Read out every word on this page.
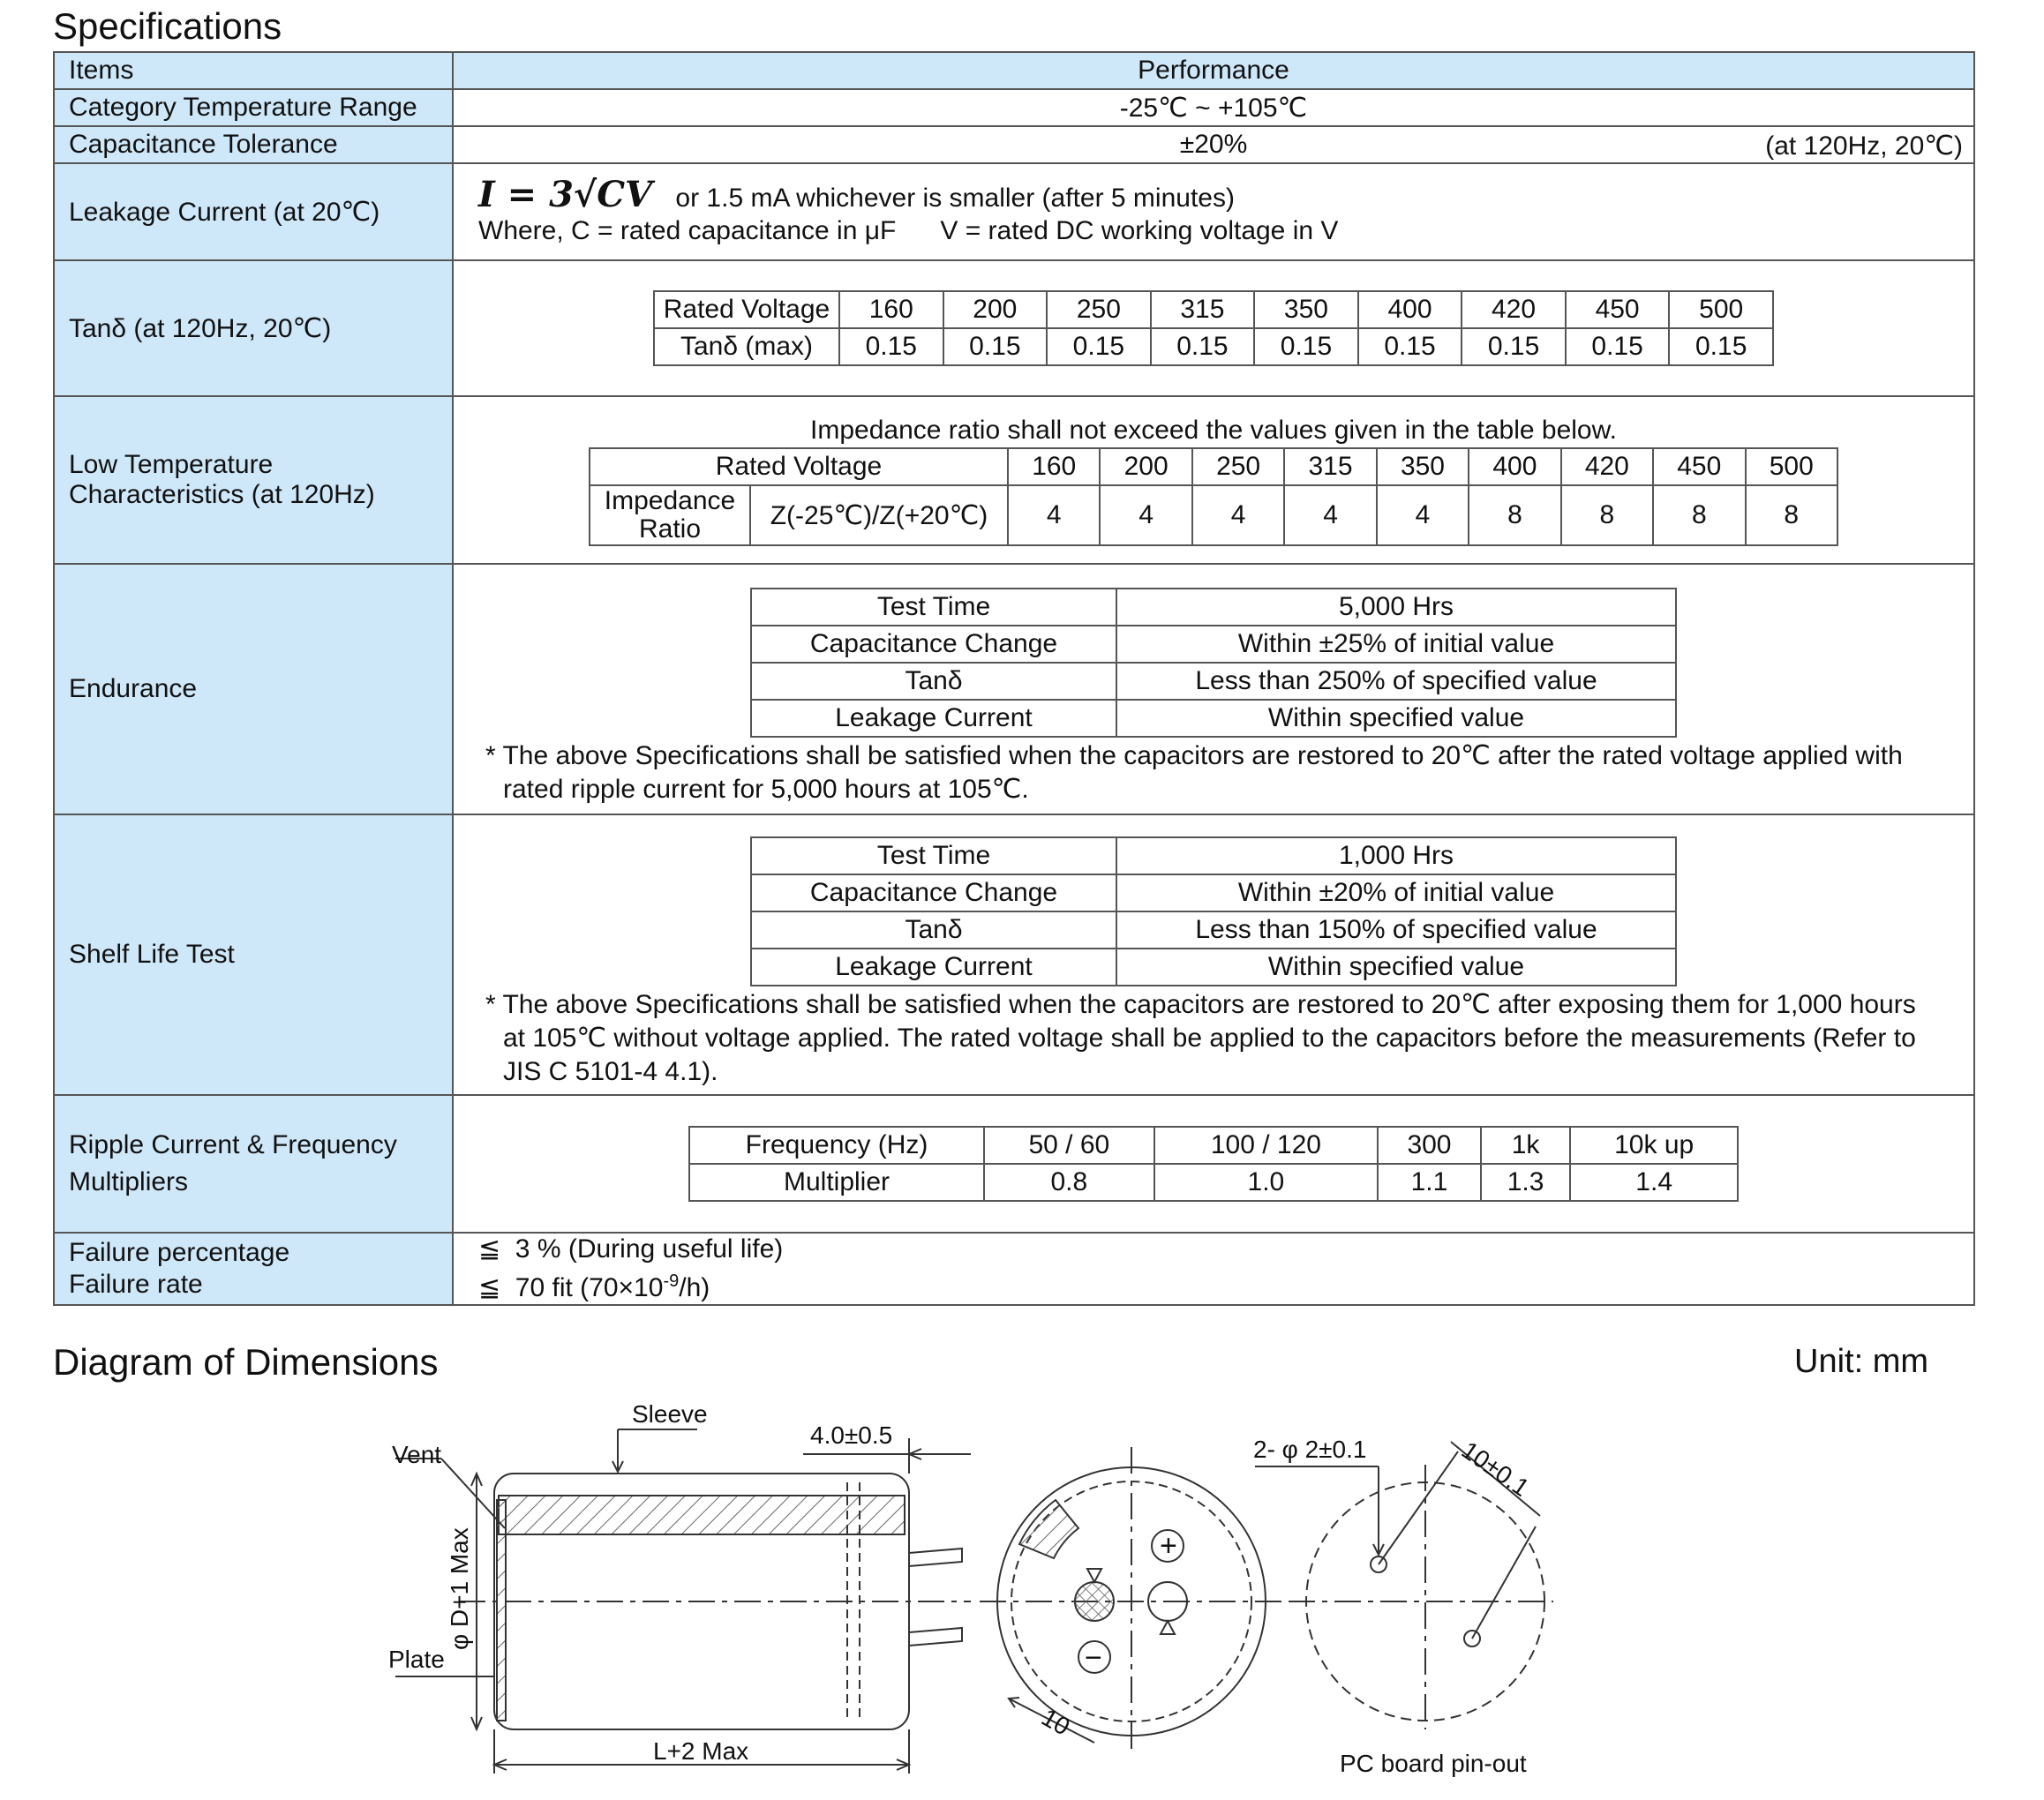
Specifications
Items	Performance
Category Temperature Range	-25℃ ~ +105℃
Capacitance Tolerance	±20%	(at 120Hz, 20℃)

Leakage Current (at 20℃)	I = 3√CV or 1.5 mA whichever is smaller (after 5 minutes)
Where, C = rated capacitance in μF      V = rated DC working voltage in V

Tanδ (at 120Hz, 20℃)	
Rated Voltage	160	200	250	315	350	400	420	450	500
Tanδ (max)	0.15	0.15	0.15	0.15	0.15	0.15	0.15	0.15	0.15

Low Temperature
Characteristics (at 120Hz)

Impedance ratio shall not exceed the values given in the table below.
Rated Voltage	160	200	250	315	350	400	420	450	500

Impedance
Ratio	Z(-25℃)/Z(+20℃)	4	4	4	4	4	8	8	8	8

Endurance	
Test Time	5,000 Hrs
Capacitance Change	Within ±25% of initial value
Tanδ	Less than 250% of specified value
Leakage Current	Within specified value
* The above Specifications shall be satisfied when the capacitors are restored to 20℃ after the rated voltage applied with rated ripple current for 5,000 hours at 105℃.

Shelf Life Test	
Test Time	1,000 Hrs
Capacitance Change	Within ±20% of initial value
Tanδ	Less than 150% of specified value
Leakage Current	Within specified value
* The above Specifications shall be satisfied when the capacitors are restored to 20℃ after exposing them for 1,000 hours at 105℃ without voltage applied. The rated voltage shall be applied to the capacitors before the measurements (Refer to JIS C 5101-4 4.1).

Ripple Current & Frequency
Multipliers

Frequency (Hz)	50 / 60	100 / 120	300	1k	10k up
Multiplier	0.8	1.0	1.1	1.3	1.4

Failure percentage
Failure rate

≦  3 % (During useful life)
≦  70 fit $(70\times 10^{-9}/h)$
Diagram of Dimensions	Unit: mm
Sleeve
Vent
Plate
4.0±0.5
L+2 Max
φ D+1 Max
10
2- φ 2±0.1	10±0.1
PC board pin-out
+
−
